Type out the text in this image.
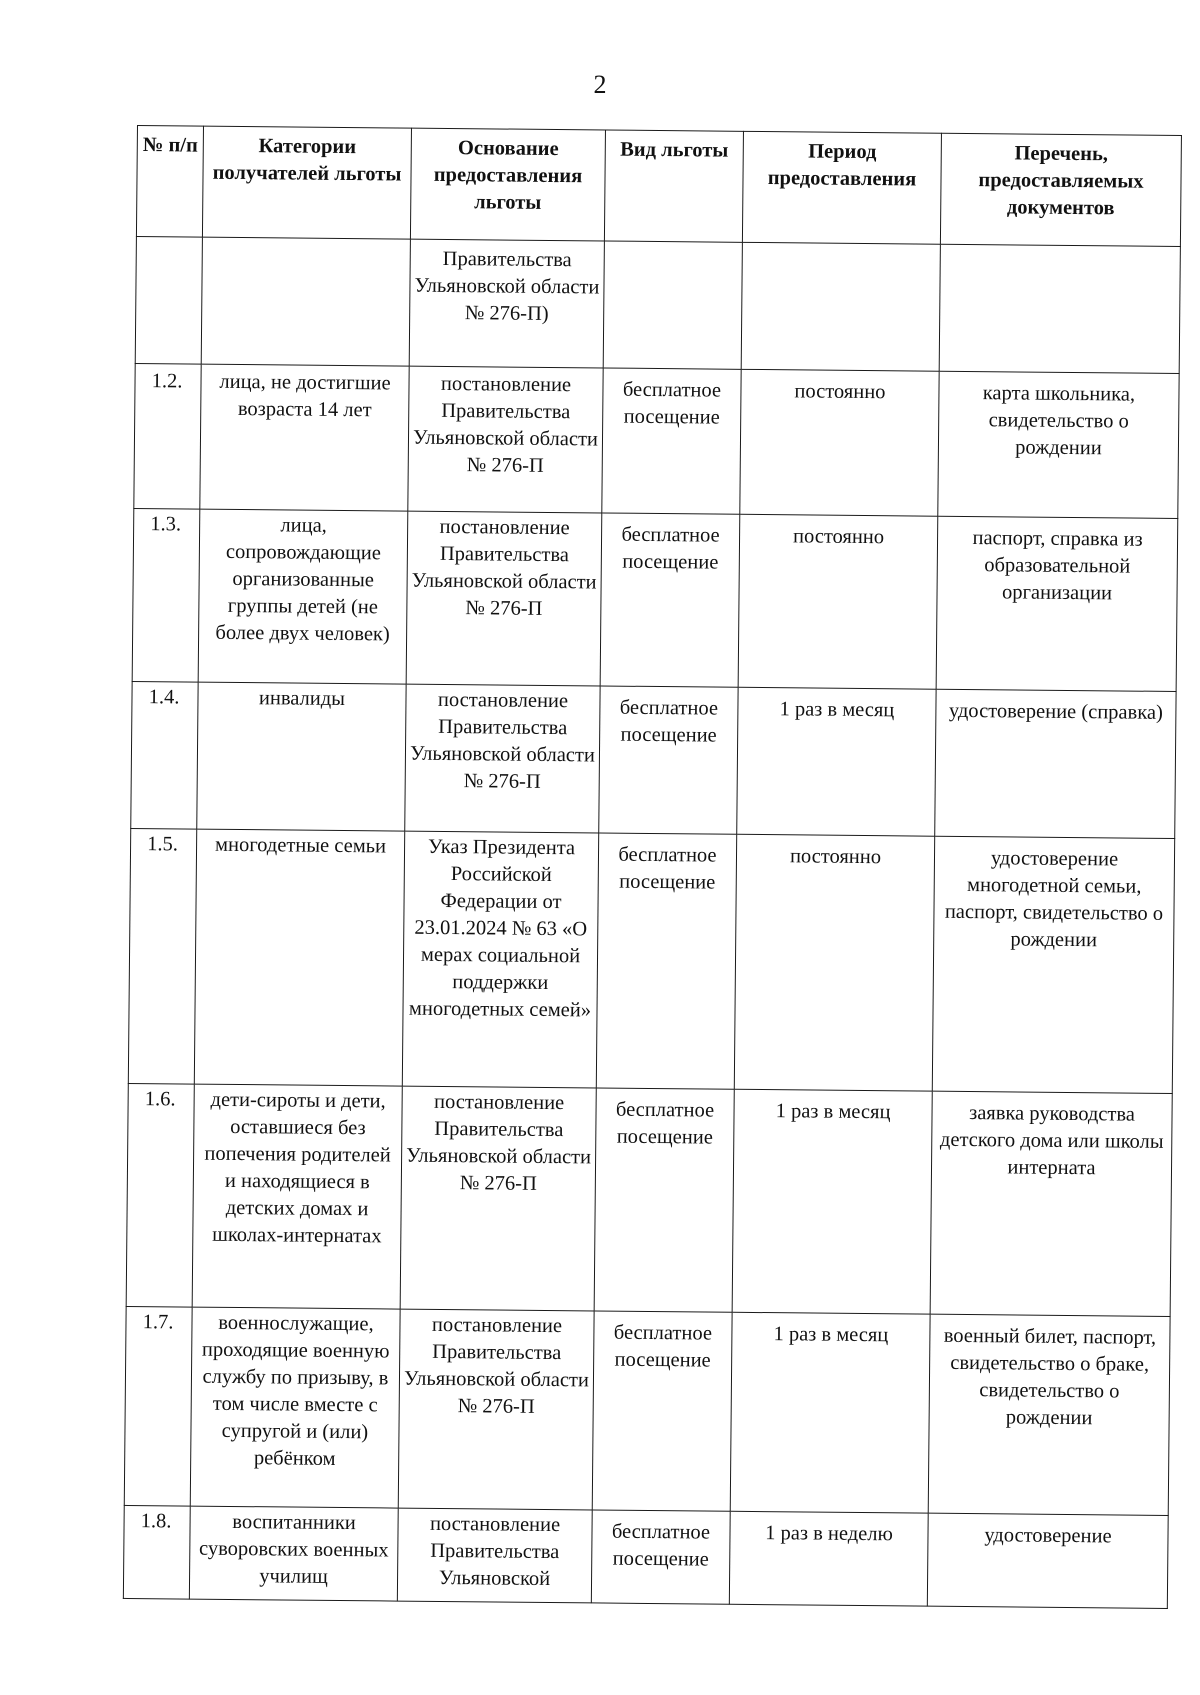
2
№ п/п	Категории получателей льготы	Основание предоставления льготы	Вид льготы	Период предоставления	Перечень, предоставляемых документов
		Правительства Ульяновской области № 276-П)			
1.2.	лица, не достигшие возраста 14 лет	постановление Правительства Ульяновской области № 276-П	бесплатное посещение	постоянно	карта школьника, свидетельство о рождении
1.3.	лица, сопровождающие организованные группы детей (не более двух человек)	постановление Правительства Ульяновской области № 276-П	бесплатное посещение	постоянно	паспорт, справка из образовательной организации
1.4.	инвалиды	постановление Правительства Ульяновской области № 276-П	бесплатное посещение	1 раз в месяц	удостоверение (справка)
1.5.	многодетные семьи	Указ Президента Российской Федерации от 23.01.2024 № 63 «О мерах социальной поддержки многодетных семей»	бесплатное посещение	постоянно	удостоверение многодетной семьи, паспорт, свидетельство о рождении
1.6.	дети-сироты и дети, оставшиеся без попечения родителей и находящиеся в детских домах и школах-интернатах	постановление Правительства Ульяновской области № 276-П	бесплатное посещение	1 раз в месяц	заявка руководства детского дома или школы интерната
1.7.	военнослужащие, проходящие военную службу по призыву, в том числе вместе с супругой и (или) ребёнком	постановление Правительства Ульяновской области № 276-П	бесплатное посещение	1 раз в месяц	военный билет, паспорт, свидетельство о браке, свидетельство о рождении
1.8.	воспитанники суворовских военных училищ	постановление Правительства Ульяновской	бесплатное посещение	1 раз в неделю	удостоверение
